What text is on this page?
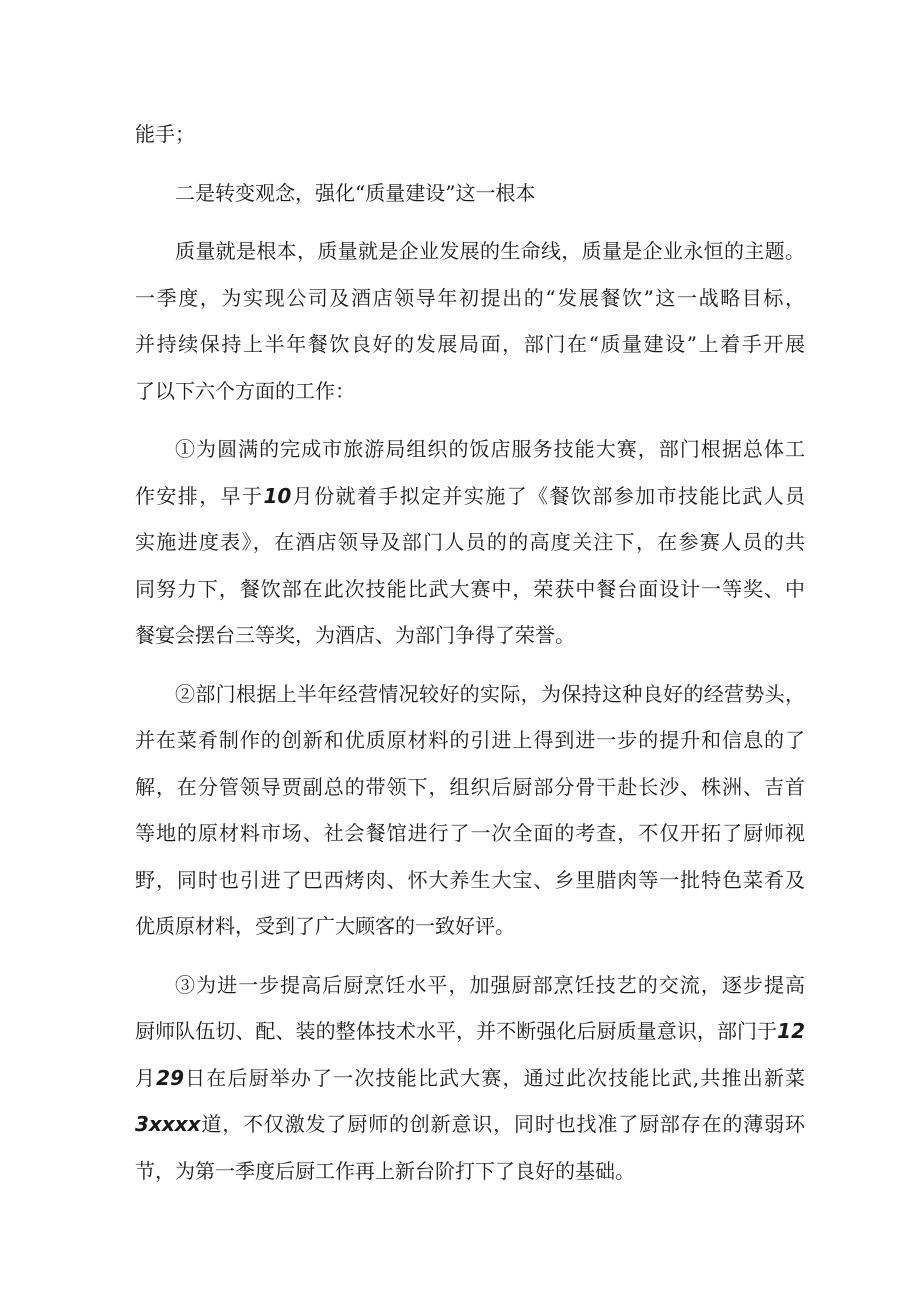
能手；
二是转变观念，强化“质量建设”这一根本
质量就是根本，质量就是企业发展的生命线，质量是企业永恒的主题。
一季度，为实现公司及酒店领导年初提出的“发展餐饮”这一战略目标，
并持续保持上半年餐饮良好的发展局面，部门在“质量建设”上着手开展
了以下六个方面的工作：
①为圆满的完成市旅游局组织的饭店服务技能大赛，部门根据总体工
作安排，早于10月份就着手拟定并实施了《餐饮部参加市技能比武人员
实施进度表》，在酒店领导及部门人员的的高度关注下，在参赛人员的共
同努力下，餐饮部在此次技能比武大赛中，荣获中餐台面设计一等奖、中
餐宴会摆台三等奖，为酒店、为部门争得了荣誉。
②部门根据上半年经营情况较好的实际，为保持这种良好的经营势头，
并在菜肴制作的创新和优质原材料的引进上得到进一步的提升和信息的了
解，在分管领导贾副总的带领下，组织后厨部分骨干赴长沙、株洲、吉首
等地的原材料市场、社会餐馆进行了一次全面的考查，不仅开拓了厨师视
野，同时也引进了巴西烤肉、怀大养生大宝、乡里腊肉等一批特色菜肴及
优质原材料，受到了广大顾客的一致好评。
③为进一步提高后厨烹饪水平，加强厨部烹饪技艺的交流，逐步提高
厨师队伍切、配、装的整体技术水平，并不断强化后厨质量意识，部门于12
月29日在后厨举办了一次技能比武大赛，通过此次技能比武,共推出新菜
3xxxx道，不仅激发了厨师的创新意识，同时也找准了厨部存在的薄弱环
节，为第一季度后厨工作再上新台阶打下了良好的基础。
